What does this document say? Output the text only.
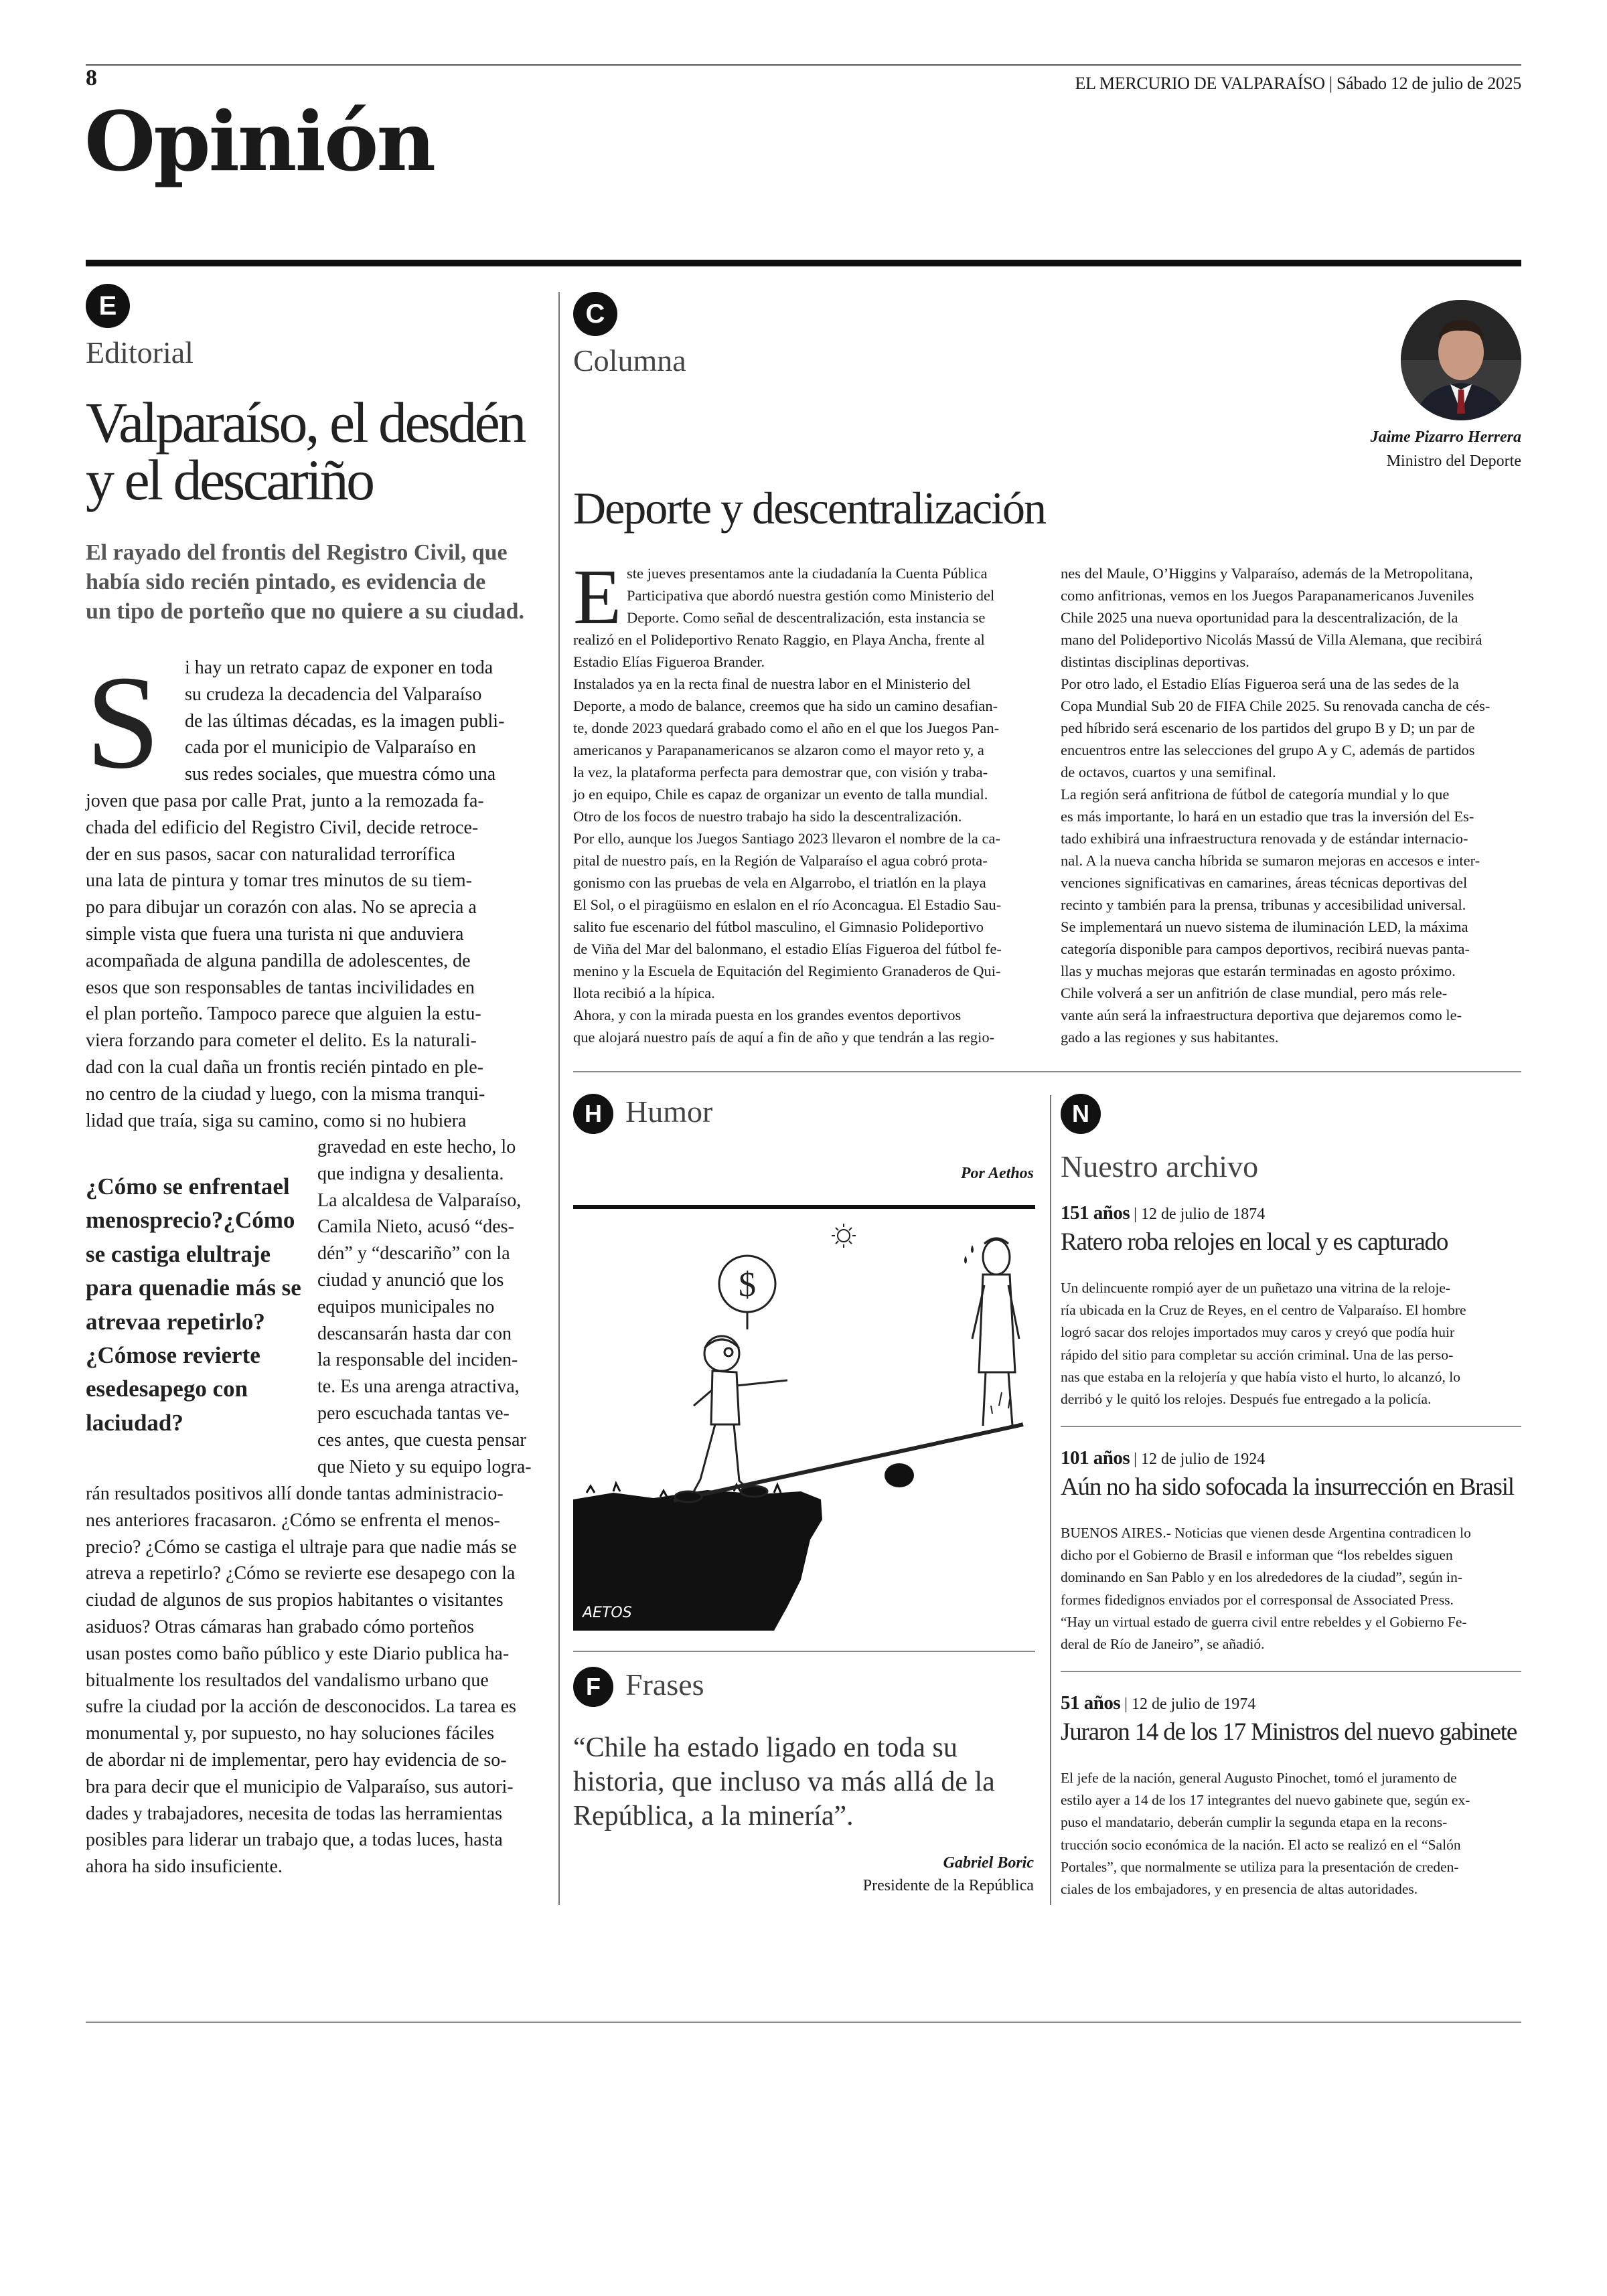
8	EL MERCURIO DE VALPARAÍSO | Sábado 12 de julio de 2025
Opinión
E
Editorial
Valparaíso, el desdén
y el descariño
El rayado del frontis del Registro Civil, que
había sido recién pintado, es evidencia de
un tipo de porteño que no quiere a su ciudad.
S	i hay un retrato capaz de exponer en toda
su crudeza la decadencia del Valparaíso
de las últimas décadas, es la imagen publi-
cada por el municipio de Valparaíso en
sus redes sociales, que muestra cómo una
joven que pasa por calle Prat, junto a la remozada fa-
chada del edificio del Registro Civil, decide retroce-
der en sus pasos, sacar con naturalidad terrorífica
una lata de pintura y tomar tres minutos de su tiem-
po para dibujar un corazón con alas. No se aprecia a
simple vista que fuera una turista ni que anduviera
acompañada de alguna pandilla de adolescentes, de
esos que son responsables de tantas incivilidades en
el plan porteño. Tampoco parece que alguien la estu-
viera forzando para cometer el delito. Es la naturali-
dad con la cual daña un frontis recién pintado en ple-
no centro de la ciudad y luego, con la misma tranqui-
lidad que traía, siga su camino, como si no hubiera
¿Cómo se enfrentael menosprecio?¿Cómo se castiga elultraje para quenadie más se atrevaa repetirlo? ¿Cómose revierte esedesapego con laciudad?
gravedad en este hecho, lo
que indigna y desalienta.
La alcaldesa de Valparaíso,
Camila Nieto, acusó “des-
dén” y “descariño” con la
ciudad y anunció que los
equipos municipales no
descansarán hasta dar con
la responsable del inciden-
te. Es una arenga atractiva,
pero escuchada tantas ve-
ces antes, que cuesta pensar
que Nieto y su equipo logra-
rán resultados positivos allí donde tantas administracio-
nes anteriores fracasaron. ¿Cómo se enfrenta el menos-
precio? ¿Cómo se castiga el ultraje para que nadie más se
atreva a repetirlo? ¿Cómo se revierte ese desapego con la
ciudad de algunos de sus propios habitantes o visitantes
asiduos? Otras cámaras han grabado cómo porteños
usan postes como baño público y este Diario publica ha-
bitualmente los resultados del vandalismo urbano que
sufre la ciudad por la acción de desconocidos. La tarea es
monumental y, por supuesto, no hay soluciones fáciles
de abordar ni de implementar, pero hay evidencia de so-
bra para decir que el municipio de Valparaíso, sus autori-
dades y trabajadores, necesita de todas las herramientas
posibles para liderar un trabajo que, a todas luces, hasta
ahora ha sido insuficiente.
C
Columna
Jaime Pizarro Herrera
Ministro del Deporte
Deporte y descentralización
E ste jueves presentamos ante la ciudadanía la Cuenta Pública
Participativa que abordó nuestra gestión como Ministerio del
Deporte. Como señal de descentralización, esta instancia se
realizó en el Polideportivo Renato Raggio, en Playa Ancha, frente al
Estadio Elías Figueroa Brander.
Instalados ya en la recta final de nuestra labor en el Ministerio del
Deporte, a modo de balance, creemos que ha sido un camino desafian-
te, donde 2023 quedará grabado como el año en el que los Juegos Pan-
americanos y Parapanamericanos se alzaron como el mayor reto y, a
la vez, la plataforma perfecta para demostrar que, con visión y traba-
jo en equipo, Chile es capaz de organizar un evento de talla mundial.
Otro de los focos de nuestro trabajo ha sido la descentralización.
Por ello, aunque los Juegos Santiago 2023 llevaron el nombre de la ca-
pital de nuestro país, en la Región de Valparaíso el agua cobró prota-
gonismo con las pruebas de vela en Algarrobo, el triatlón en la playa
El Sol, o el piragüismo en eslalon en el río Aconcagua. El Estadio Sau-
salito fue escenario del fútbol masculino, el Gimnasio Polideportivo
de Viña del Mar del balonmano, el estadio Elías Figueroa del fútbol fe-
menino y la Escuela de Equitación del Regimiento Granaderos de Qui-
llota recibió a la hípica.
Ahora, y con la mirada puesta en los grandes eventos deportivos
que alojará nuestro país de aquí a fin de año y que tendrán a las regio-
nes del Maule, O’Higgins y Valparaíso, además de la Metropolitana,
como anfitrionas, vemos en los Juegos Parapanamericanos Juveniles
Chile 2025 una nueva oportunidad para la descentralización, de la
mano del Polideportivo Nicolás Massú de Villa Alemana, que recibirá
distintas disciplinas deportivas.
Por otro lado, el Estadio Elías Figueroa será una de las sedes de la
Copa Mundial Sub 20 de FIFA Chile 2025. Su renovada cancha de cés-
ped híbrido será escenario de los partidos del grupo B y D; un par de
encuentros entre las selecciones del grupo A y C, además de partidos
de octavos, cuartos y una semifinal.
La región será anfitriona de fútbol de categoría mundial y lo que
es más importante, lo hará en un estadio que tras la inversión del Es-
tado exhibirá una infraestructura renovada y de estándar internacio-
nal. A la nueva cancha híbrida se sumaron mejoras en accesos e inter-
venciones significativas en camarines, áreas técnicas deportivas del
recinto y también para la prensa, tribunas y accesibilidad universal.
Se implementará un nuevo sistema de iluminación LED, la máxima
categoría disponible para campos deportivos, recibirá nuevas panta-
llas y muchas mejoras que estarán terminadas en agosto próximo.
Chile volverá a ser un anfitrión de clase mundial, pero más rele-
vante aún será la infraestructura deportiva que dejaremos como le-
gado a las regiones y sus habitantes.
H Humor
Por Aethos
$
AETOS
F Frases
“Chile ha estado ligado en toda su
historia, que incluso va más allá de la
República, a la minería”.
Gabriel Boric
Presidente de la República
N
Nuestro archivo
151 años | 12 de julio de 1874
Ratero roba relojes en local y es capturado
Un delincuente rompió ayer de un puñetazo una vitrina de la relojе-
ría ubicada en la Cruz de Reyes, en el centro de Valparaíso. El hombre
logró sacar dos relojes importados muy caros y creyó que podía huir
rápido del sitio para completar su acción criminal. Una de las perso-
nas que estaba en la relojería y que había visto el hurto, lo alcanzó, lo
derribó y le quitó los relojes. Después fue entregado a la policía.
101 años | 12 de julio de 1924
Aún no ha sido sofocada la insurrección en Brasil
BUENOS AIRES.- Noticias que vienen desde Argentina contradicen lo
dicho por el Gobierno de Brasil e informan que “los rebeldes siguen
dominando en San Pablo y en los alrededores de la ciudad”, según in-
formes fidedignos enviados por el corresponsal de Associated Press.
“Hay un virtual estado de guerra civil entre rebeldes y el Gobierno Fe-
deral de Río de Janeiro”, se añadió.
51 años | 12 de julio de 1974
Juraron 14 de los 17 Ministros del nuevo gabinete
El jefe de la nación, general Augusto Pinochet, tomó el juramento de
estilo ayer a 14 de los 17 integrantes del nuevo gabinete que, según ex-
puso el mandatario, deberán cumplir la segunda etapa en la recons-
trucción socio económica de la nación. El acto se realizó en el “Salón
Portales”, que normalmente se utiliza para la presentación de creden-
ciales de los embajadores, y en presencia de altas autoridades.
